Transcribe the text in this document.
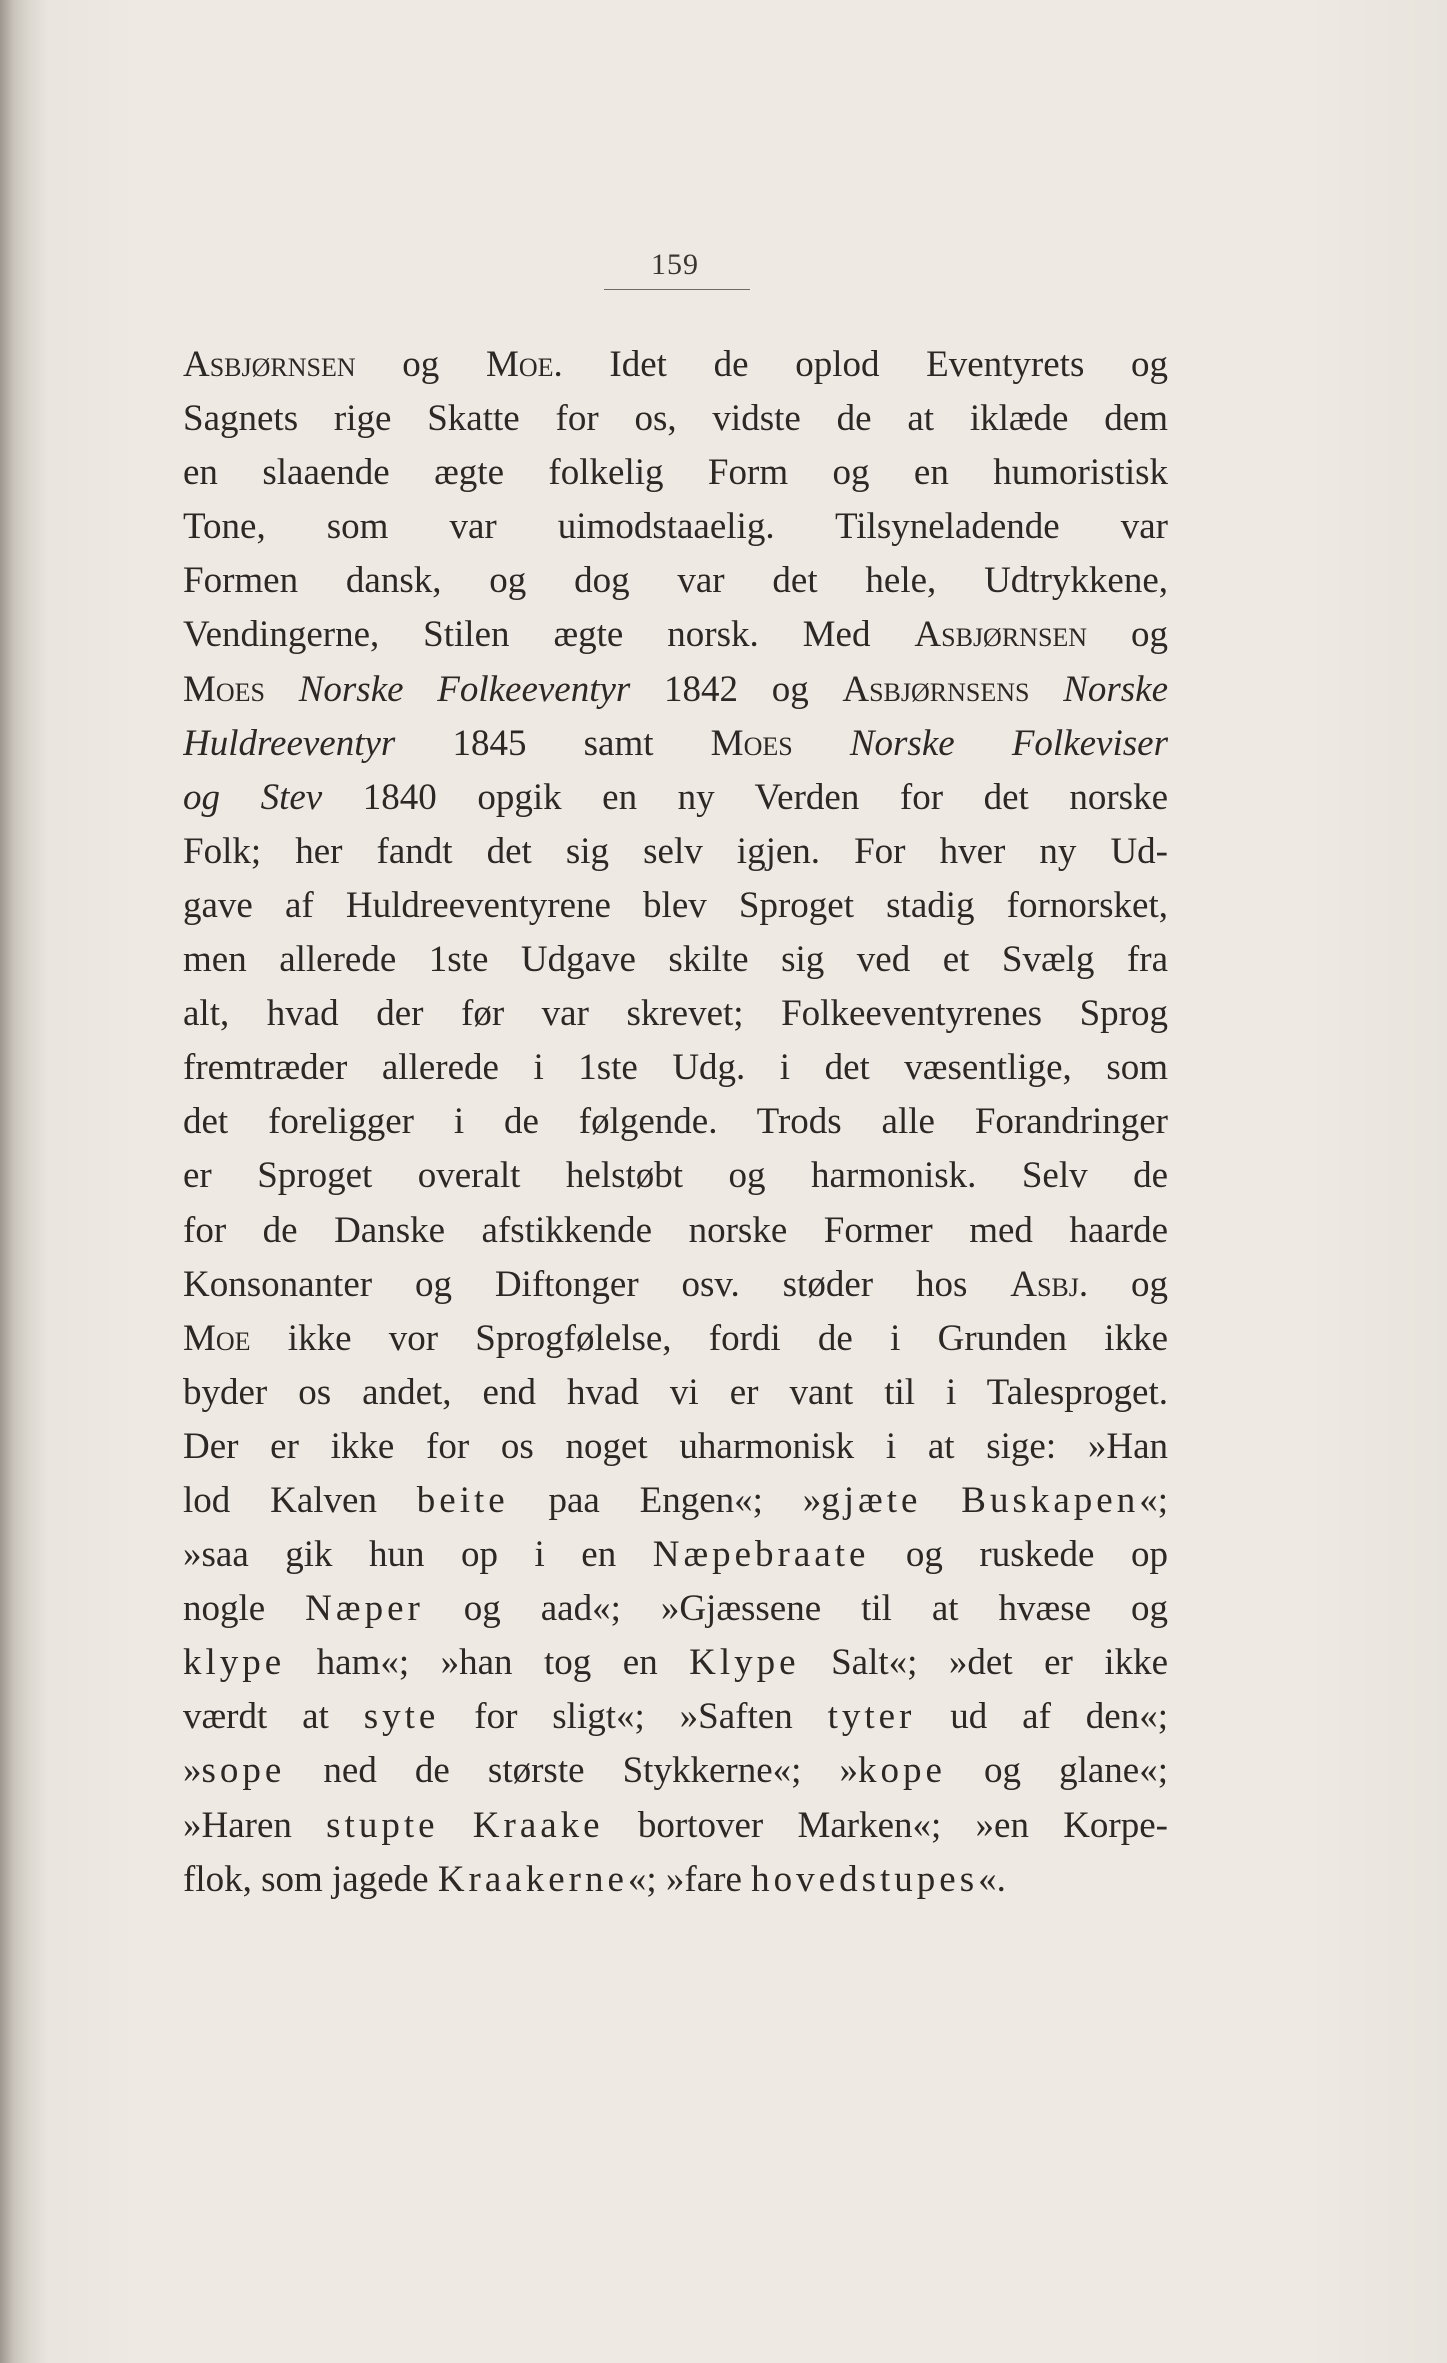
159
Asbjørnsen og Moe. Idet de oplod Eventyrets og
Sagnets rige Skatte for os, vidste de at iklæde dem
en slaaende ægte folkelig Form og en humoristisk
Tone, som var uimodstaaelig. Tilsyneladende var
Formen dansk, og dog var det hele, Udtrykkene,
Vendingerne, Stilen ægte norsk. Med Asbjørnsen og
Moes Norske Folkeeventyr 1842 og Asbjørnsens Norske
Huldreeventyr 1845 samt Moes Norske Folkeviser
og Stev 1840 opgik en ny Verden for det norske
Folk; her fandt det sig selv igjen. For hver ny Ud-
gave af Huldreeventyrene blev Sproget stadig fornorsket,
men allerede 1ste Udgave skilte sig ved et Svælg fra
alt, hvad der før var skrevet; Folkeeventyrenes Sprog
fremtræder allerede i 1ste Udg. i det væsentlige, som
det foreligger i de følgende. Trods alle Forandringer
er Sproget overalt helstøbt og harmonisk. Selv de
for de Danske afstikkende norske Former med haarde
Konsonanter og Diftonger osv. støder hos Asbj. og
Moe ikke vor Sprogfølelse, fordi de i Grunden ikke
byder os andet, end hvad vi er vant til i Talesproget.
Der er ikke for os noget uharmonisk i at sige: »Han
lod Kalven beite paa Engen«; »gjæte Buskapen«;
»saa gik hun op i en Næpebraate og ruskede op
nogle Næper og aad«; »Gjæssene til at hvæse og
klype ham«; »han tog en Klype Salt«; »det er ikke
værdt at syte for sligt«; »Saften tyter ud af den«;
»sope ned de største Stykkerne«; »kope og glane«;
»Haren stupte Kraake bortover Marken«; »en Korpe-
flok, som jagede Kraakerne«; »fare hovedstupes«.
